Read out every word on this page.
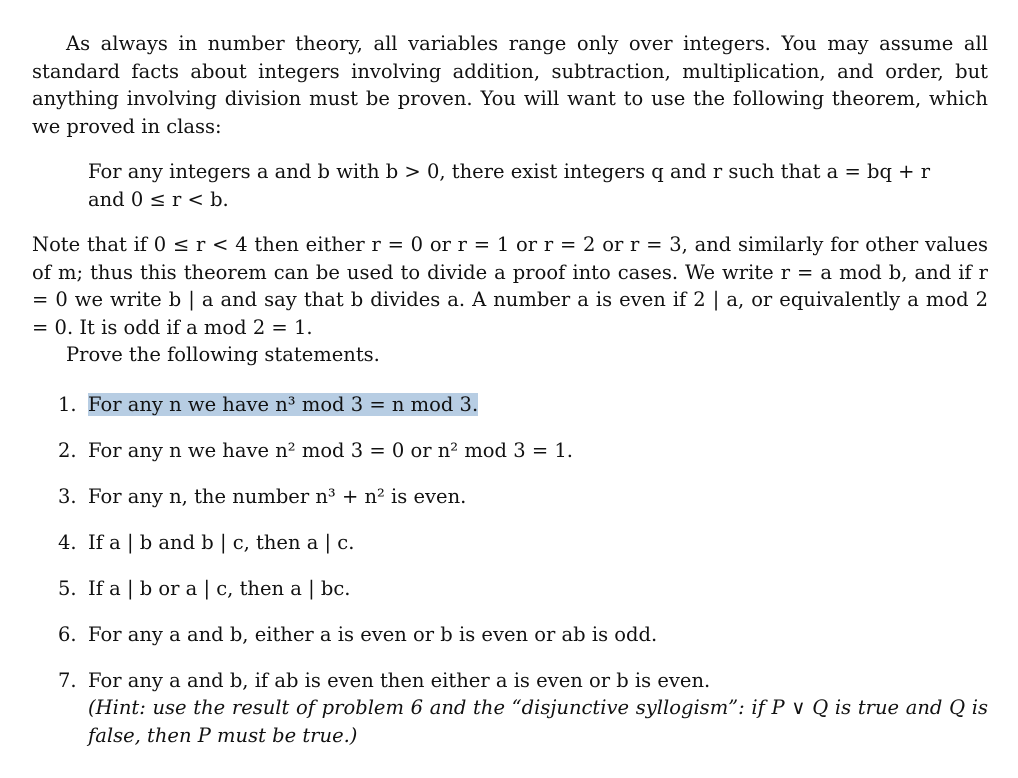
As always in number theory, all variables range only over integers. You may assume all standard facts about integers involving addition, subtraction, multiplication, and order, but anything involving division must be proven. You will want to use the following theorem, which we proved in class:

For any integers a and b with b > 0, there exist integers q and r such that a = bq + r and 0 ≤ r < b.

Note that if 0 ≤ r < 4 then either r = 0 or r = 1 or r = 2 or r = 3, and similarly for other values of m; thus this theorem can be used to divide a proof into cases. We write r = a mod b, and if r = 0 we write b | a and say that b divides a. A number a is even if 2 | a, or equivalently a mod 2 = 0. It is odd if a mod 2 = 1.

Prove the following statements.

1. For any n we have n³ mod 3 = n mod 3.
2. For any n we have n² mod 3 = 0 or n² mod 3 = 1.
3. For any n, the number n³ + n² is even.
4. If a | b and b | c, then a | c.
5. If a | b or a | c, then a | bc.
6. For any a and b, either a is even or b is even or ab is odd.
7. For any a and b, if ab is even then either a is even or b is even.
(Hint: use the result of problem 6 and the “disjunctive syllogism”: if P ∨ Q is true and Q is false, then P must be true.)
